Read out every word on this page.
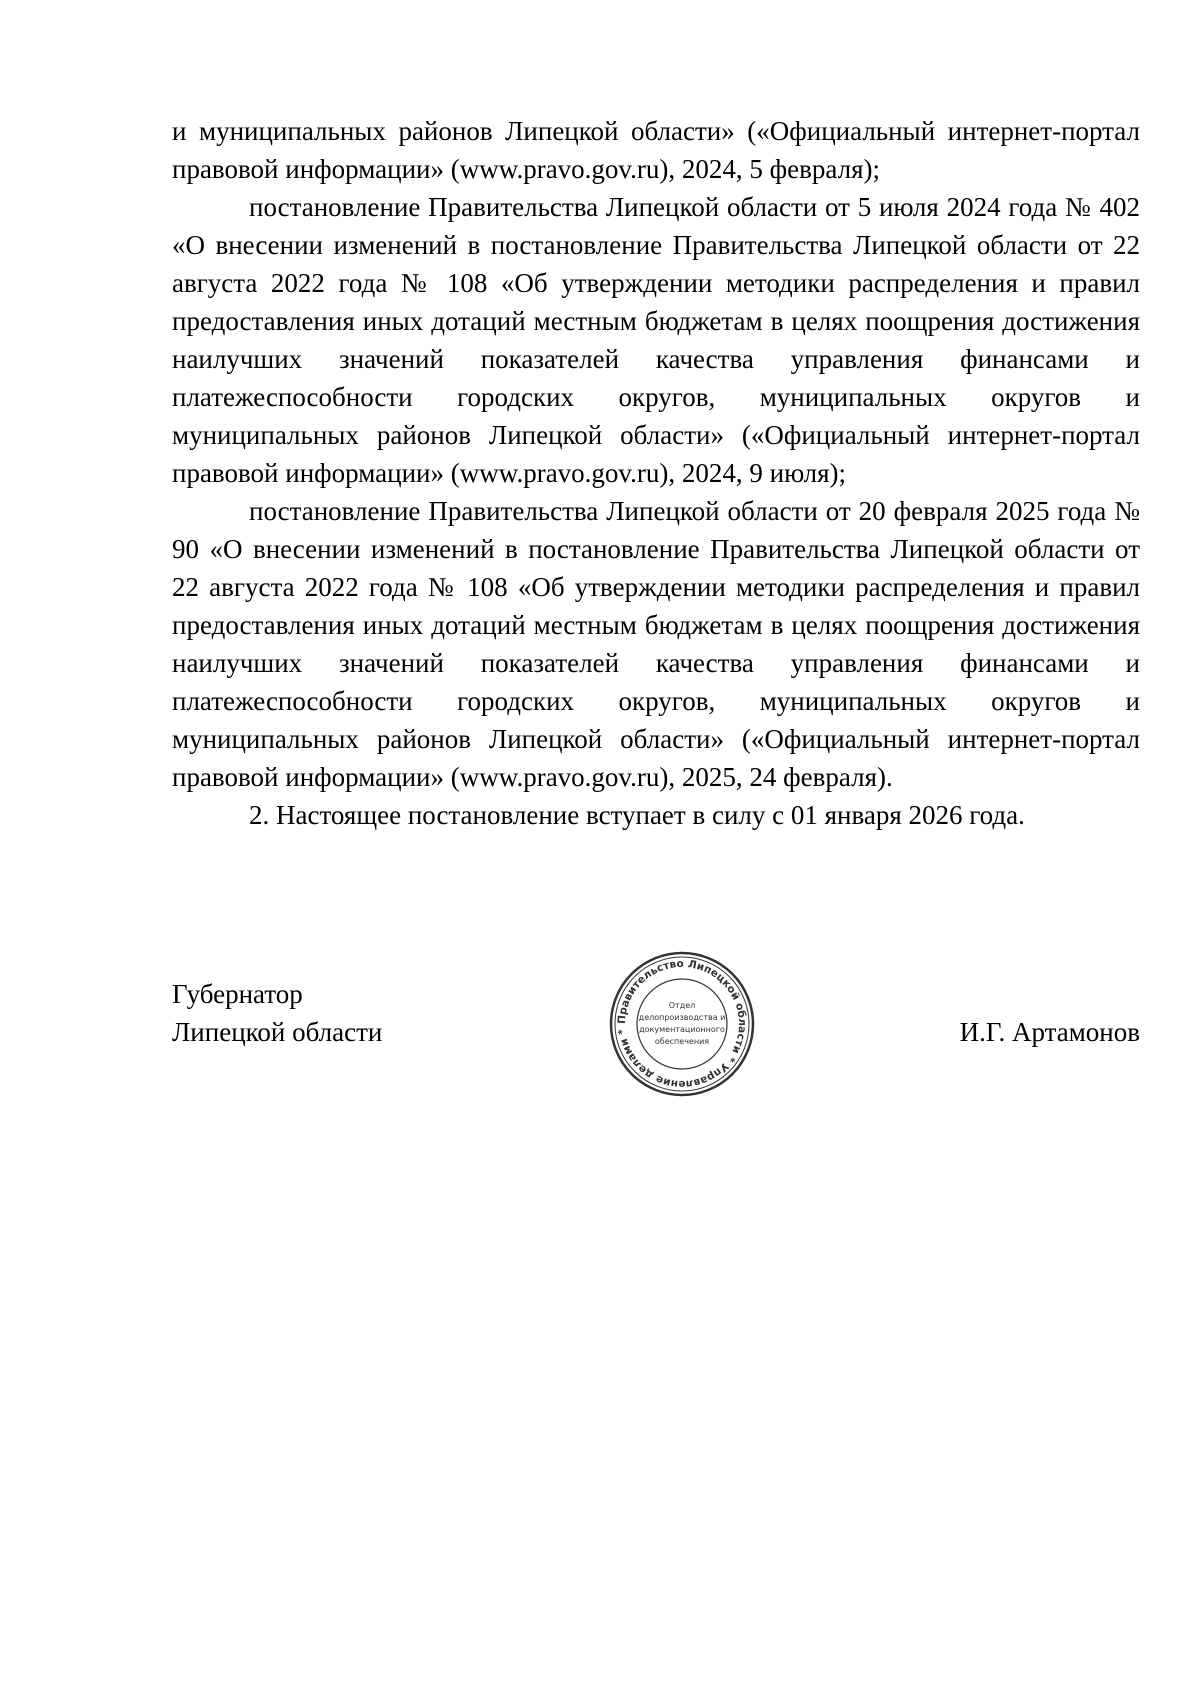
и муниципальных районов Липецкой области» («Официальный интернет-портал правовой информации» (www.pravo.gov.ru), 2024, 5 февраля);

постановление Правительства Липецкой области от 5 июля 2024 года № 402 «О внесении изменений в постановление Правительства Липецкой области от 22 августа 2022 года № 108 «Об утверждении методики распределения и правил предоставления иных дотаций местным бюджетам в целях поощрения достижения наилучших значений показателей качества управления финансами и платежеспособности городских округов, муниципальных округов и муниципальных районов Липецкой области» («Официальный интернет-портал правовой информации» (www.pravo.gov.ru), 2024, 9 июля);

постановление Правительства Липецкой области от 20 февраля 2025 года № 90 «О внесении изменений в постановление Правительства Липецкой области от 22 августа 2022 года № 108 «Об утверждении методики распределения и правил предоставления иных дотаций местным бюджетам в целях поощрения достижения наилучших значений показателей качества управления финансами и платежеспособности городских округов, муниципальных округов и муниципальных районов Липецкой области» («Официальный интернет-портал правовой информации» (www.pravo.gov.ru), 2025, 24 февраля).

2. Настоящее постановление вступает в силу с 01 января 2026 года.

Губернатор
Липецкой области	Правительство Липецкой области * Управление делами *
Отдел
делопроизводства и
документационного
обеспечения	И.Г. Артамонов
